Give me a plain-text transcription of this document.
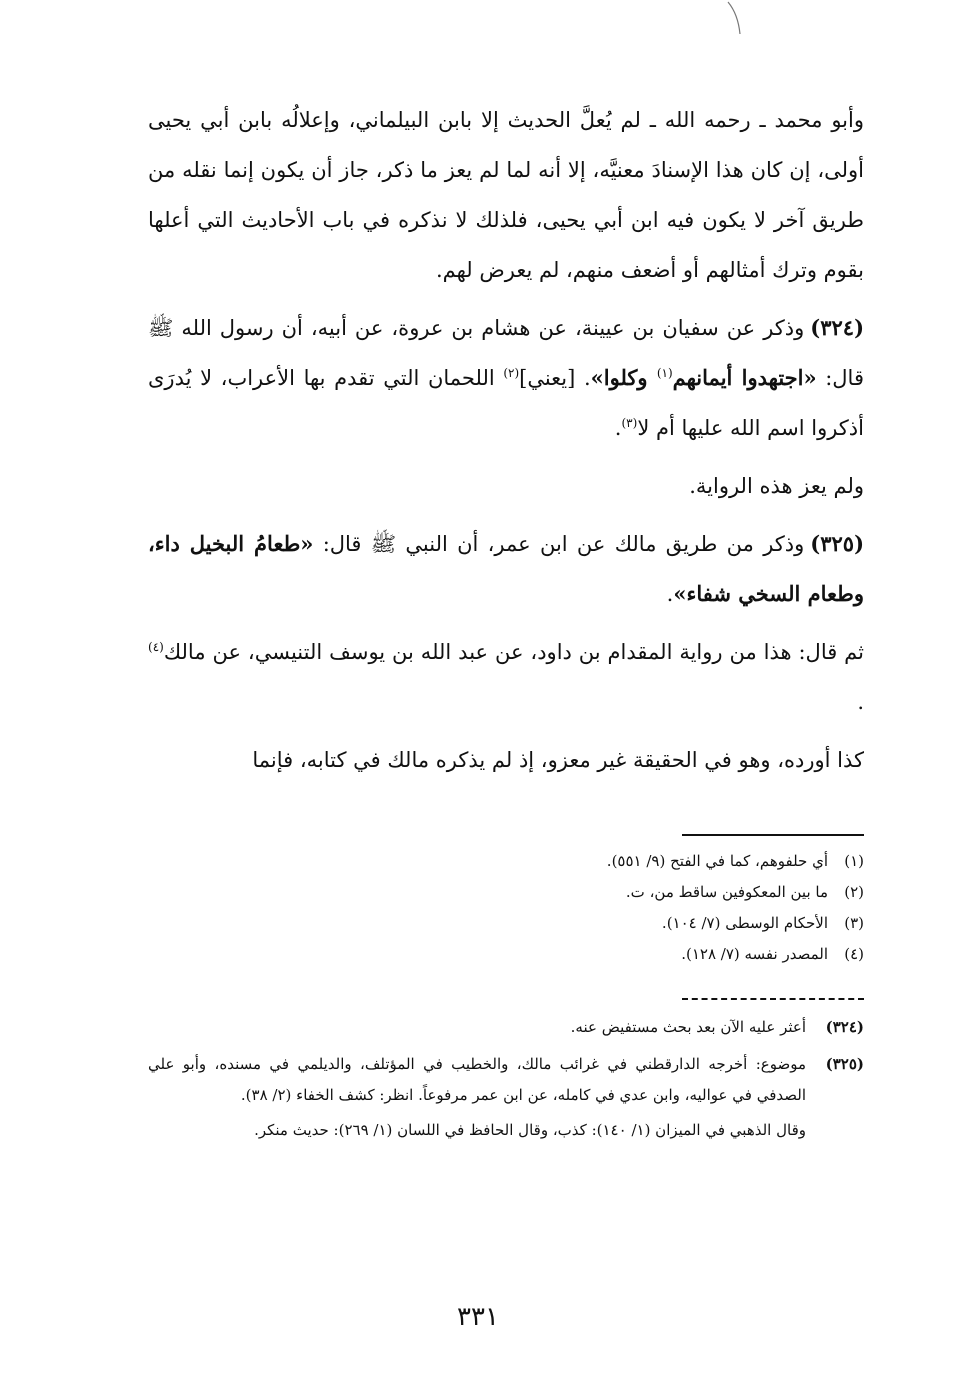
وأبو محمد ـ رحمه الله ـ لم يُعلَّ الحديث إلا بابن البيلماني، وإعلالُه بابن أبي يحيى أولى، إن كان هذا الإسنادَ معنيَّه، إلا أنه لما لم يعز ما ذكر، جاز أن يكون إنما نقله من طريق آخر لا يكون فيه ابن أبي يحيى، فلذلك لا نذكره في باب الأحاديث التي أعلها بقوم وترك أمثالهم أو أضعف منهم، لم يعرض لهم.

(٣٢٤)وذكر عن سفيان بن عيينة، عن هشام بن عروة، عن أبيه، أن رسول الله ﷺ قال: «اجتهدوا أيمانهم$^{(١)}$ وكلوا». [يعني]$^{(٢)}$ اللحمان التي تقدم بها الأعراب، لا يُدرَى أذكروا اسم الله عليها أم لا$^{(٣)}$.

ولم يعز هذه الرواية.

(٣٢٥)وذكر من طريق مالك عن ابن عمر، أن النبي ﷺ قال: «طعامُ البخيل داء، وطعام السخي شفاء».

ثم قال: هذا من رواية المقدام بن داود، عن عبد الله بن يوسف التنيسي، عن مالك$^{(٤)}$ .

كذا أورده، وهو في الحقيقة غير معزو، إذ لم يذكره مالك في كتابه، فإنما

(١)
أي حلفوهم، كما في الفتح (٩/ ٥٥١).
(٢)
ما بين المعكوفين ساقط من، ت.
(٣)
الأحكام الوسطى (٧/ ١٠٤).
(٤)
المصدر نفسه (٧/ ١٢٨).
(٣٢٤)
أعثر عليه الآن بعد بحث مستفيض عنه.
(٣٢٥)

موضوع: أخرجه الدارقطني في غرائب مالك، والخطيب في المؤتلف، والديلمي في مسنده، وأبو علي الصدفي في عواليه، وابن عدي في كامله، عن ابن عمر مرفوعاً. انظر: كشف الخفاء (٢/ ٣٨).

وقال الذهبي في الميزان (١/ ١٤٠): كذب، وقال الحافظ في اللسان (١/ ٢٦٩): حديث منكر.

٣٣١
